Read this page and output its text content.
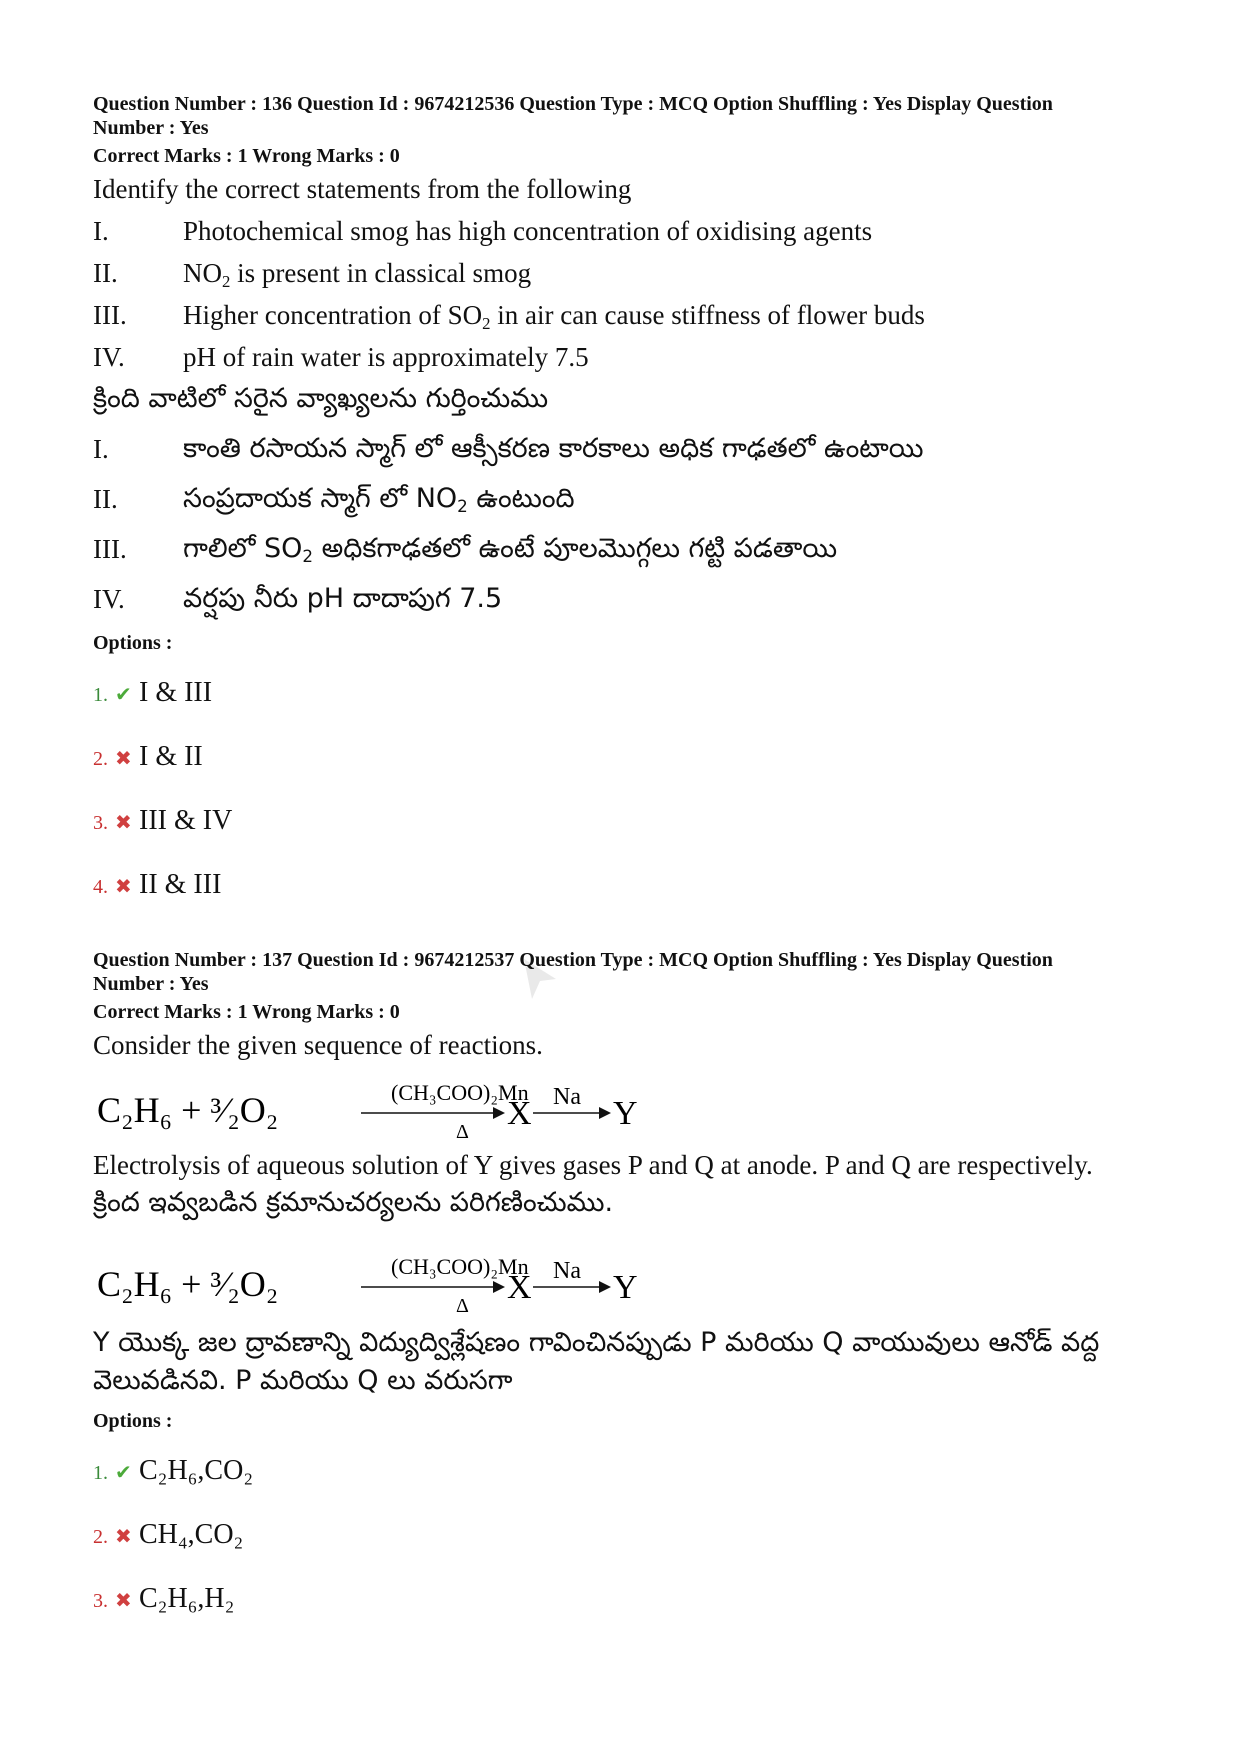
Question Number : 136 Question Id : 9674212536 Question Type : MCQ Option Shuffling : Yes Display Question
Number : Yes
Correct Marks : 1 Wrong Marks : 0
Identify the correct statements from the following
I.	Photochemical smog has high concentration of oxidising agents
II.	$NO_2$ is present in classical smog
III.	Higher concentration of $SO_2$ in air can cause stiffness of flower buds
IV.	pH of rain water is approximately 7.5
క్రింది వాటిలో సరైన వ్యాఖ్యలను గుర్తించుము
I.	కాంతి రసాయన స్మాగ్ లో ఆక్సీకరణ కారకాలు అధిక గాఢతలో ఉంటాయి
II.	సంప్రదాయక స్మాగ్ లో $NO_2$ ఉంటుంది
III.	గాలిలో $SO_2$ అధికగాఢతలో ఉంటే పూలమొగ్గలు గట్టి పడతాయి
IV.	వర్షపు నీరు pH దాదాపుగ 7.5
Options :
1. ✔ I & III
2. ✖ I & II
3. ✖ III & IV
4. ✖ II & III
Question Number : 137 Question Id : 9674212537 Question Type : MCQ Option Shuffling : Yes Display Question
Number : Yes
Correct Marks : 1 Wrong Marks : 0
Consider the given sequence of reactions.
C₂H₆ + ³⁄₂O₂	(CH₃COO)₂Mn
Δ X Na Y
Electrolysis of aqueous solution of Y gives gases P and Q at anode. P and Q are respectively.
క్రింద ఇవ్వబడిన క్రమానుచర్యలను పరిగణించుము.
C₂H₆ + ³⁄₂O₂	(CH₃COO)₂Mn
Δ X Na Y
Y యొక్క జల ద్రావణాన్ని విద్యుద్విశ్లేషణం గావించినప్పుడు P మరియు Q వాయువులు ఆనోడ్ వద్ద వెలువడినవి. P మరియు Q లు వరుసగా
Options :
1. ✔ C₂H₆,CO₂
2. ✖ CH₄,CO₂
3. ✖ C₂H₆,H₂
